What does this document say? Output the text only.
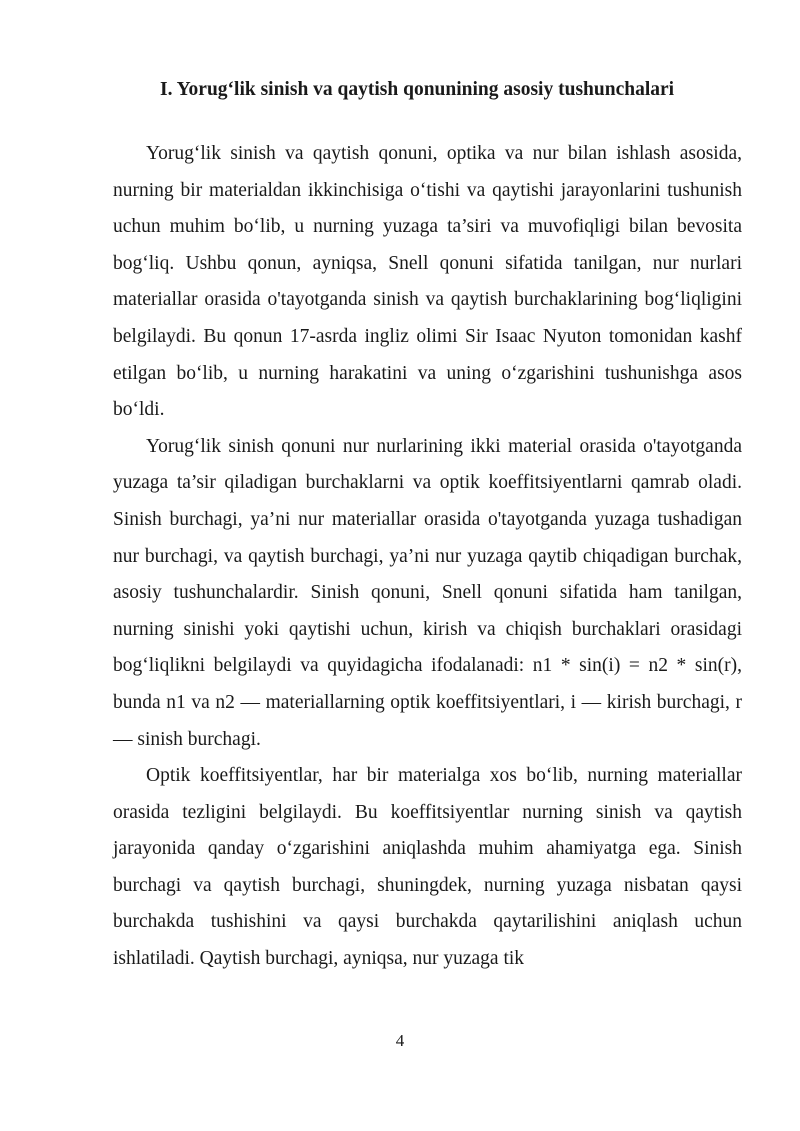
I. Yorug‘lik sinish va qaytish qonunining asosiy tushunchalari

Yorug‘lik sinish va qaytish qonuni, optika va nur bilan ishlash asosida, nurning bir materialdan ikkinchisiga o‘tishi va qaytishi jarayonlarini tushunish uchun muhim bo‘lib, u nurning yuzaga ta’siri va muvofiqligi bilan bevosita bog‘liq. Ushbu qonun, ayniqsa, Snell qonuni sifatida tanilgan, nur nurlari materiallar orasida o'tayotganda sinish va qaytish burchaklarining bog‘liqligini belgilaydi. Bu qonun 17-asrda ingliz olimi Sir Isaac Nyuton tomonidan kashf etilgan bo‘lib, u nurning harakatini va uning o‘zgarishini tushunishga asos bo‘ldi.

Yorug‘lik sinish qonuni nur nurlarining ikki material orasida o'tayotganda yuzaga ta’sir qiladigan burchaklarni va optik koeffitsiyentlarni qamrab oladi. Sinish burchagi, ya’ni nur materiallar orasida o'tayotganda yuzaga tushadigan nur burchagi, va qaytish burchagi, ya’ni nur yuzaga qaytib chiqadigan burchak, asosiy tushunchalardir. Sinish qonuni, Snell qonuni sifatida ham tanilgan, nurning sinishi yoki qaytishi uchun, kirish va chiqish burchaklari orasidagi bog‘liqlikni belgilaydi va quyidagicha ifodalanadi: n1 * sin(i) = n2 * sin(r), bunda n1 va n2 — materiallarning optik koeffitsiyentlari, i — kirish burchagi, r — sinish burchagi.

Optik koeffitsiyentlar, har bir materialga xos bo‘lib, nurning materiallar orasida tezligini belgilaydi. Bu koeffitsiyentlar nurning sinish va qaytish jarayonida qanday o‘zgarishini aniqlashda muhim ahamiyatga ega. Sinish burchagi va qaytish burchagi, shuningdek, nurning yuzaga nisbatan qaysi burchakda tushishini va qaysi burchakda qaytarilishini aniqlash uchun ishlatiladi. Qaytish burchagi, ayniqsa, nur yuzaga tik

4
